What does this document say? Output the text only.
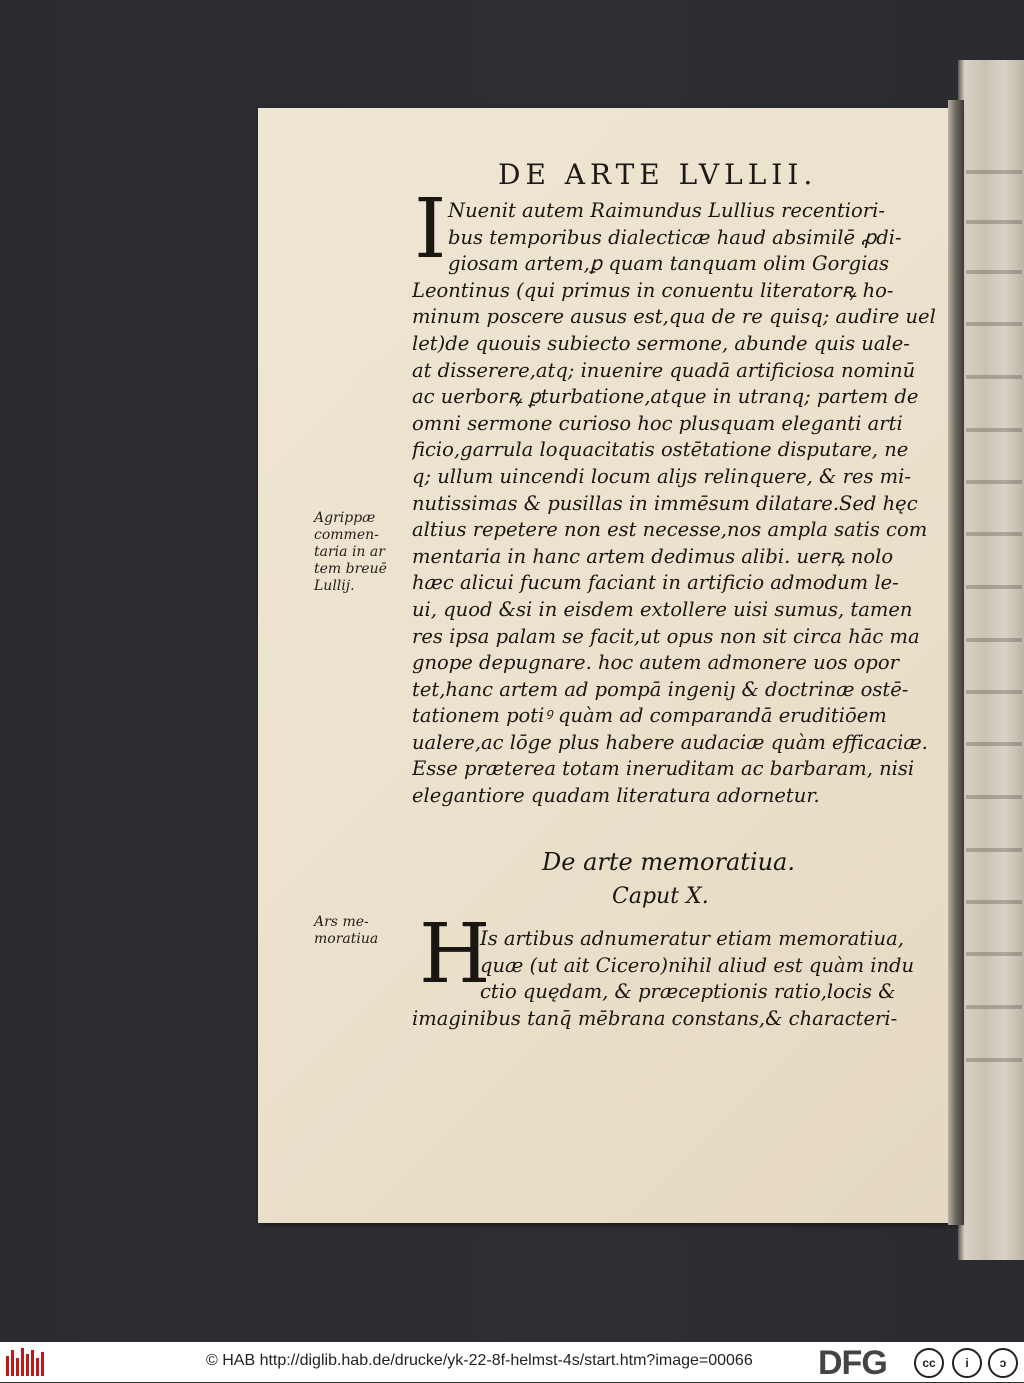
DE ARTE LVLLII.
I Nuenit autem Raimundus Lullius recentiori-
bus temporibus dialecticæ haud absimilē ꝓdi-
giosam artem,ꝑ quam tanquam olim Gorgias
Leontinus (qui primus in conuentu literatorꝶ ho-
minum poscere ausus est,qua de re quisq; audire uel
let)de quouis subiecto sermone, abunde quis uale-
at disserere,atq; inuenire quadā artificiosa nominū
ac uerborꝶ ꝑturbatione,atque in utranq; partem de
omni sermone curioso hoc plusquam eleganti arti
ficio,garrula loquacitatis ostētatione disputare, ne
q; ullum uincendi locum aliȷs relinquere, & res mi-
nutissimas & pusillas in immēsum dilatare.Sed hęc
altius repetere non est necesse,nos ampla satis com
mentaria in hanc artem dedimus alibi. uerꝶ nolo
hæc alicui fucum faciant in artificio admodum le-
ui, quod &si in eisdem extollere uisi sumus, tamen
res ipsa palam se facit,ut opus non sit circa hāc ma
gnope depugnare. hoc autem admonere uos opor
tet,hanc artem ad pompā ingeniȷ & doctrinæ ostē-
tationem potiꝰ quàm ad comparandā eruditiōem
ualere,ac lōge plus habere audaciæ quàm efficaciæ.
Esse præterea totam ineruditam ac barbaram, nisi
elegantiore quadam literatura adornetur.
Agrippæ
commen-
taria in ar
tem breuē
Lullij.
De arte memoratiua.
Caput X.
Ars me-
moratiua H
Is artibus adnumeratur etiam memoratiua,
quæ (ut ait Cicero)nihil aliud est quàm indu
ctio quędam, & præceptionis ratio,locis &
imaginibus tanq̄ mēbrana constans,& characteri-
© HAB http://diglib.hab.de/drucke/yk-22-8f-helmst-4s/start.htm?image=00066 DFG	cc	i	ↄ
